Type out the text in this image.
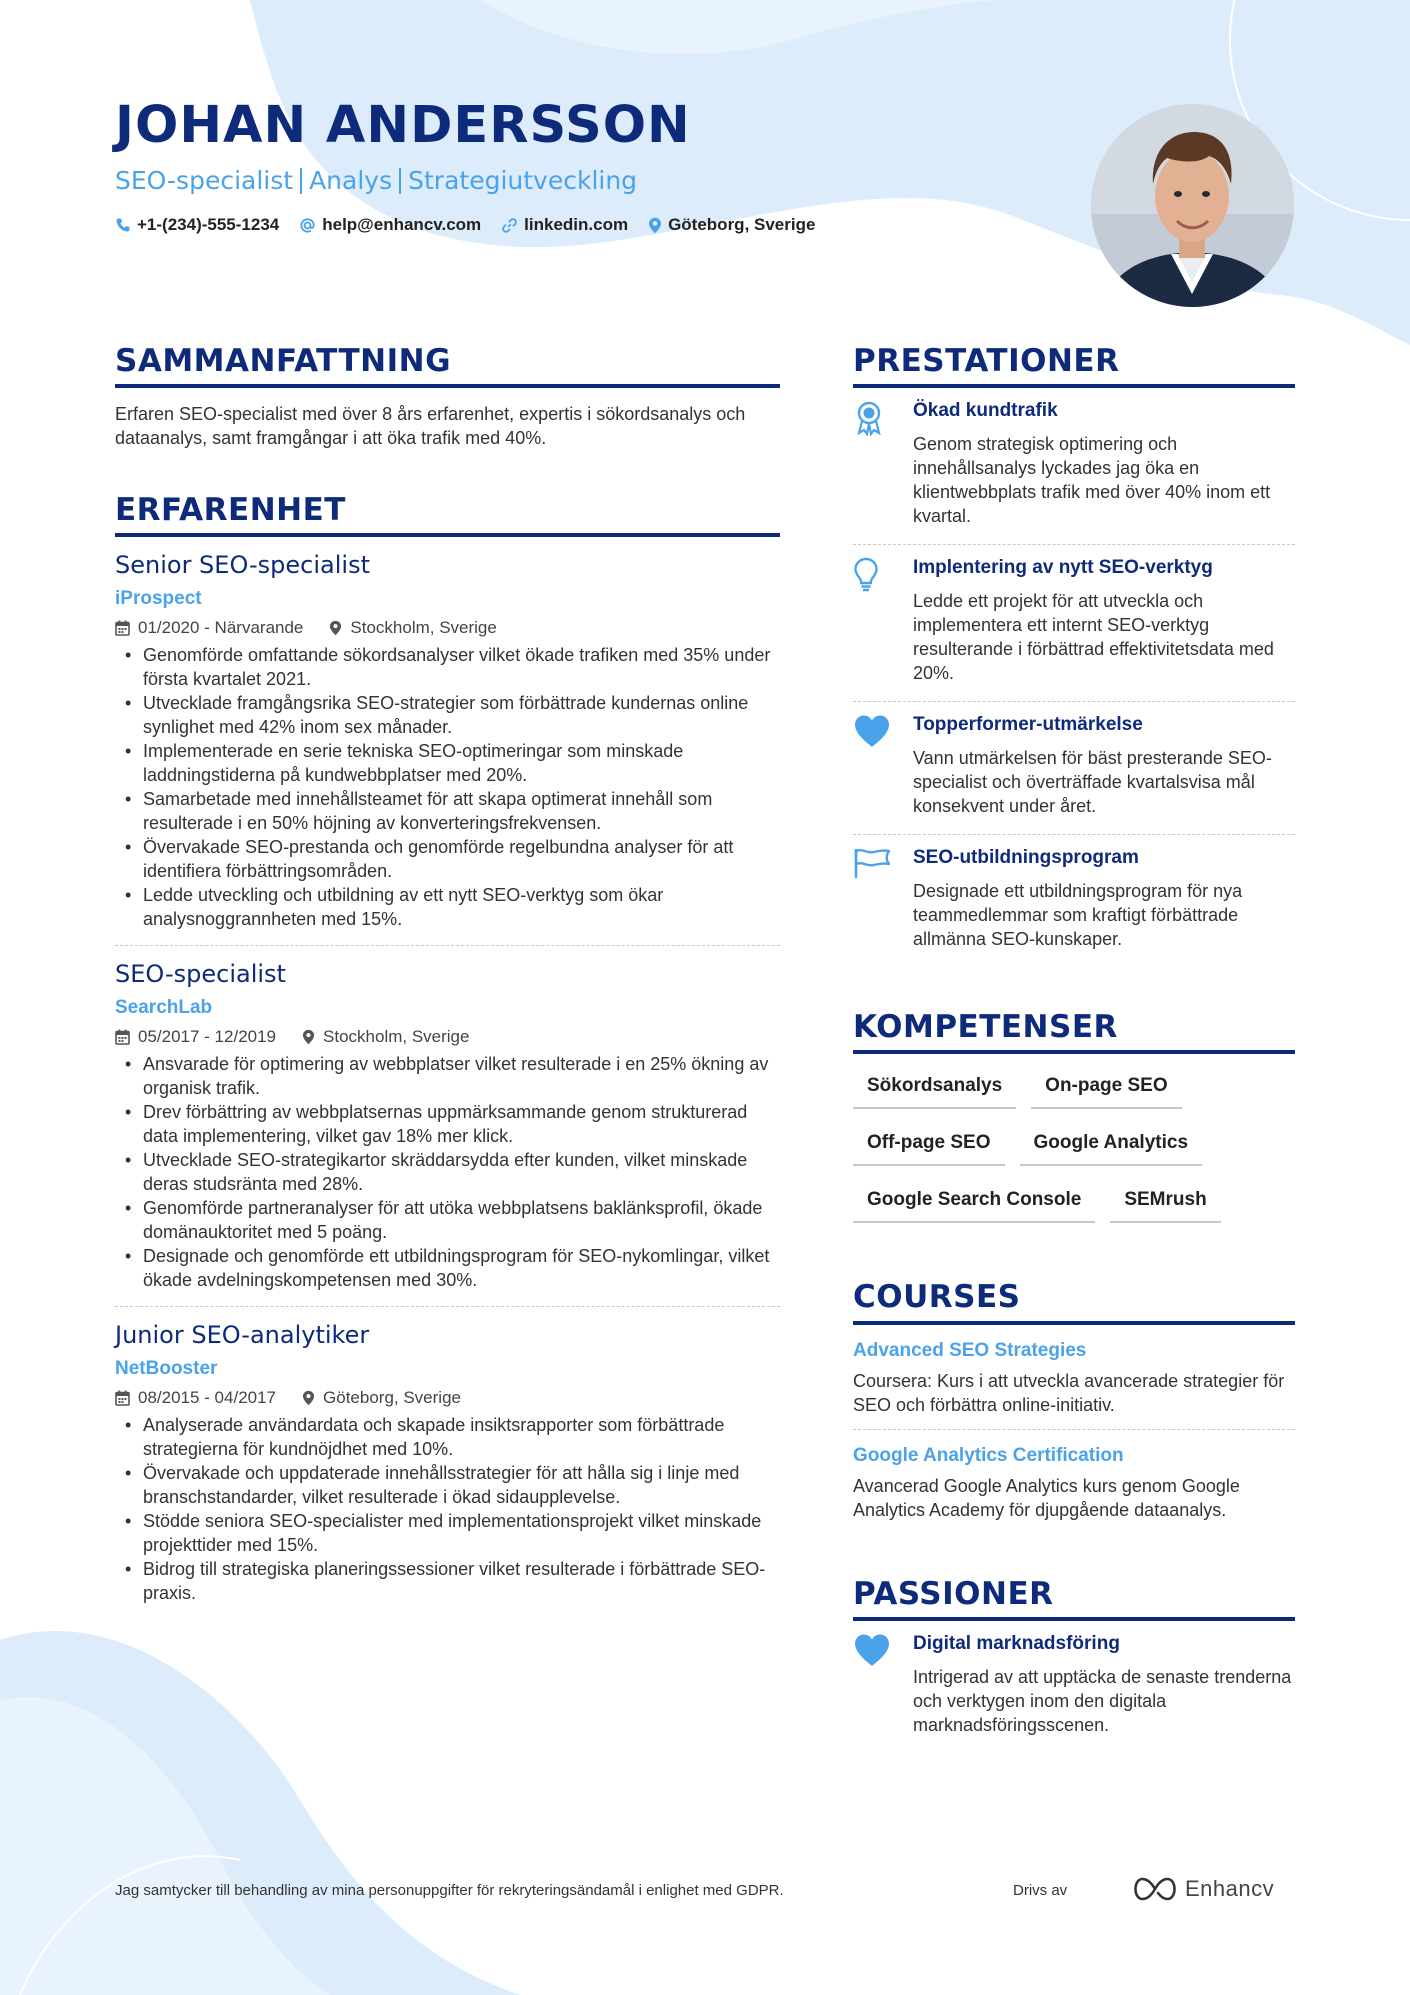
JOHAN ANDERSSON
SEO-specialist Analys Strategiutveckling
+1-(234)-555-1234	help@enhancv.com	linkedin.com Göteborg, Sverige
SAMMANFATTNING
Erfaren SEO-specialist med över 8 års erfarenhet, expertis i sökordsanalys och dataanalys, samt framgångar i att öka trafik med 40%.
ERFARENHET
Senior SEO-specialist
iProspect
01/2020 - Närvarande	Stockholm, Sverige
• Genomförde omfattande sökordsanalyser vilket ökade trafiken med 35% under första kvartalet 2021.
• Utvecklade framgångsrika SEO-strategier som förbättrade kundernas online synlighet med 42% inom sex månader.
• Implementerade en serie tekniska SEO-optimeringar som minskade laddningstiderna på kundwebbplatser med 20%.
• Samarbetade med innehållsteamet för att skapa optimerat innehåll som resulterade i en 50% höjning av konverteringsfrekvensen.
• Övervakade SEO-prestanda och genomförde regelbundna analyser för att identifiera förbättringsområden.
• Ledde utveckling och utbildning av ett nytt SEO-verktyg som ökar analysnoggrannheten med 15%.
SEO-specialist
SearchLab
05/2017 - 12/2019	Stockholm, Sverige
• Ansvarade för optimering av webbplatser vilket resulterade i en 25% ökning av organisk trafik.
• Drev förbättring av webbplatsernas uppmärksammande genom strukturerad data implementering, vilket gav 18% mer klick.
• Utvecklade SEO-strategikartor skräddarsydda efter kunden, vilket minskade deras studsränta med 28%.
• Genomförde partneranalyser för att utöka webbplatsens baklänksprofil, ökade domänauktoritet med 5 poäng.
• Designade och genomförde ett utbildningsprogram för SEO-nykomlingar, vilket ökade avdelningskompetensen med 30%.
Junior SEO-analytiker
NetBooster
08/2015 - 04/2017	Göteborg, Sverige
• Analyserade användardata och skapade insiktsrapporter som förbättrade strategierna för kundnöjdhet med 10%.
• Övervakade och uppdaterade innehållsstrategier för att hålla sig i linje med branschstandarder, vilket resulterade i ökad sidaupplevelse.
• Stödde seniora SEO-specialister med implementationsprojekt vilket minskade projekttider med 15%.
• Bidrog till strategiska planeringssessioner vilket resulterade i förbättrade SEO-praxis.
PRESTATIONER
Ökad kundtrafik
Genom strategisk optimering och innehållsanalys lyckades jag öka en klientwebbplats trafik med över 40% inom ett kvartal.
Implentering av nytt SEO-verktyg
Ledde ett projekt för att utveckla och implementera ett internt SEO-verktyg resulterande i förbättrad effektivitetsdata med 20%.
Topperformer-utmärkelse
Vann utmärkelsen för bäst presterande SEO-specialist och överträffade kvartalsvisa mål konsekvent under året.
SEO-utbildningsprogram
Designade ett utbildningsprogram för nya teammedlemmar som kraftigt förbättrade allmänna SEO-kunskaper.
KOMPETENSER
Sökordsanalys	On-page SEO
Off-page SEO	Google Analytics
Google Search Console	SEMrush
COURSES
Advanced SEO Strategies
Coursera: Kurs i att utveckla avancerade strategier för SEO och förbättra online-initiativ.
Google Analytics Certification
Avancerad Google Analytics kurs genom Google Analytics Academy för djupgående dataanalys.
PASSIONER
Digital marknadsföring
Intrigerad av att upptäcka de senaste trenderna och verktygen inom den digitala marknadsföringsscenen.
Jag samtycker till behandling av mina personuppgifter för rekryteringsändamål i enlighet med GDPR.	Drivs av	Enhancv
